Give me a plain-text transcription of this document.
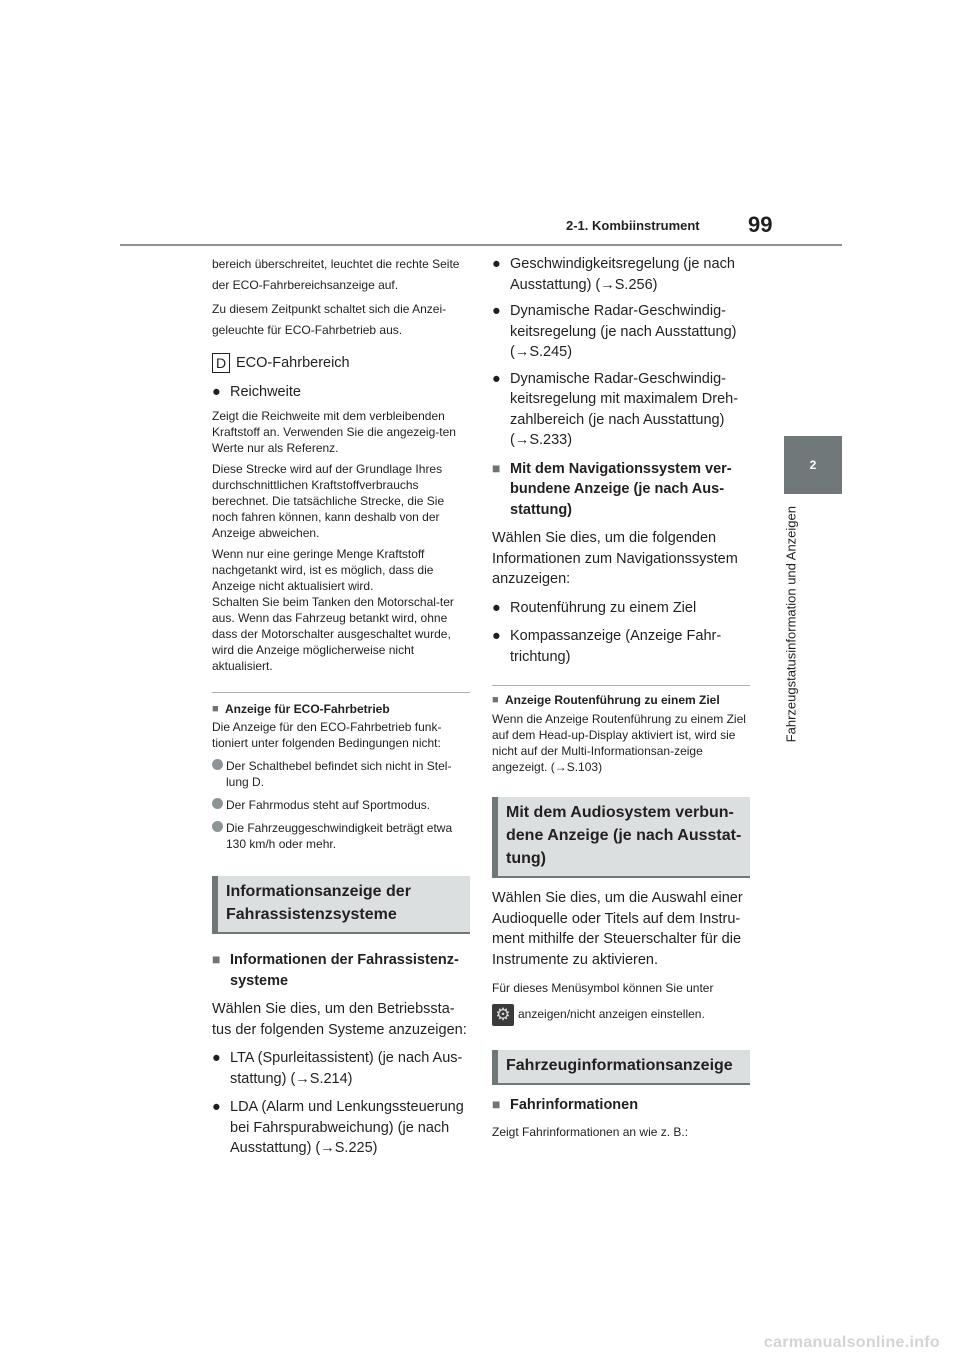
2-1. Kombiinstrument 99
2
Fahrzeugstatusinformation und Anzeigen

bereich überschreitet, leuchtet die rechte Seite der ECO-Fahrbereichsanzeige auf.

Zu diesem Zeitpunkt schaltet sich die Anzei-geleuchte für ECO-Fahrbetrieb aus.

D ECO-Fahrbereich
● Reichweite

Zeigt die Reichweite mit dem verbleibenden Kraftstoff an. Verwenden Sie die angezeig-ten Werte nur als Referenz.

Diese Strecke wird auf der Grundlage Ihres durchschnittlichen Kraftstoffverbrauchs berechnet. Die tatsächliche Strecke, die Sie noch fahren können, kann deshalb von der Anzeige abweichen.

Wenn nur eine geringe Menge Kraftstoff nachgetankt wird, ist es möglich, dass die Anzeige nicht aktualisiert wird.

Schalten Sie beim Tanken den Motorschal-ter aus. Wenn das Fahrzeug betankt wird, ohne dass der Motorschalter ausgeschaltet wurde, wird die Anzeige möglicherweise nicht aktualisiert.

■ Anzeige für ECO-Fahrbetrieb

Die Anzeige für den ECO-Fahrbetrieb funk-tioniert unter folgenden Bedingungen nicht:

Der Schalthebel befindet sich nicht in Stel-lung D.
Der Fahrmodus steht auf Sportmodus.
Die Fahrzeuggeschwindigkeit beträgt etwa 130 km/h oder mehr.
Informationsanzeige der Fahrassistenzsysteme
■ Informationen der Fahrassistenz-systeme

Wählen Sie dies, um den Betriebssta-tus der folgenden Systeme anzuzeigen:

● LTA (Spurleitassistent) (je nach Aus-stattung) (→S.214)
● LDA (Alarm und Lenkungssteuerung bei Fahrspurabweichung) (je nach Ausstattung) (→S.225)
● Geschwindigkeitsregelung (je nach Ausstattung) (→S.256)
● Dynamische Radar-Geschwindig-keitsregelung (je nach Ausstattung) (→S.245)
● Dynamische Radar-Geschwindig-keitsregelung mit maximalem Dreh-zahlbereich (je nach Ausstattung) (→S.233)
■ Mit dem Navigationssystem ver-bundene Anzeige (je nach Aus-stattung)

Wählen Sie dies, um die folgenden Informationen zum Navigationssystem anzuzeigen:

● Routenführung zu einem Ziel
● Kompassanzeige (Anzeige Fahr-trichtung)
■ Anzeige Routenführung zu einem Ziel

Wenn die Anzeige Routenführung zu einem Ziel auf dem Head-up-Display aktiviert ist, wird sie nicht auf der Multi-Informationsan-zeige angezeigt. (→S.103)

Mit dem Audiosystem verbun-dene Anzeige (je nach Ausstat-tung)

Wählen Sie dies, um die Auswahl einer Audioquelle oder Titels auf dem Instru-ment mithilfe der Steuerschalter für die Instrumente zu aktivieren.

Für dieses Menüsymbol können Sie unter

⚙anzeigen/nicht anzeigen einstellen.

Fahrzeuginformationsanzeige
■ Fahrinformationen

Zeigt Fahrinformationen an wie z. B.:

carmanualsonline.info
